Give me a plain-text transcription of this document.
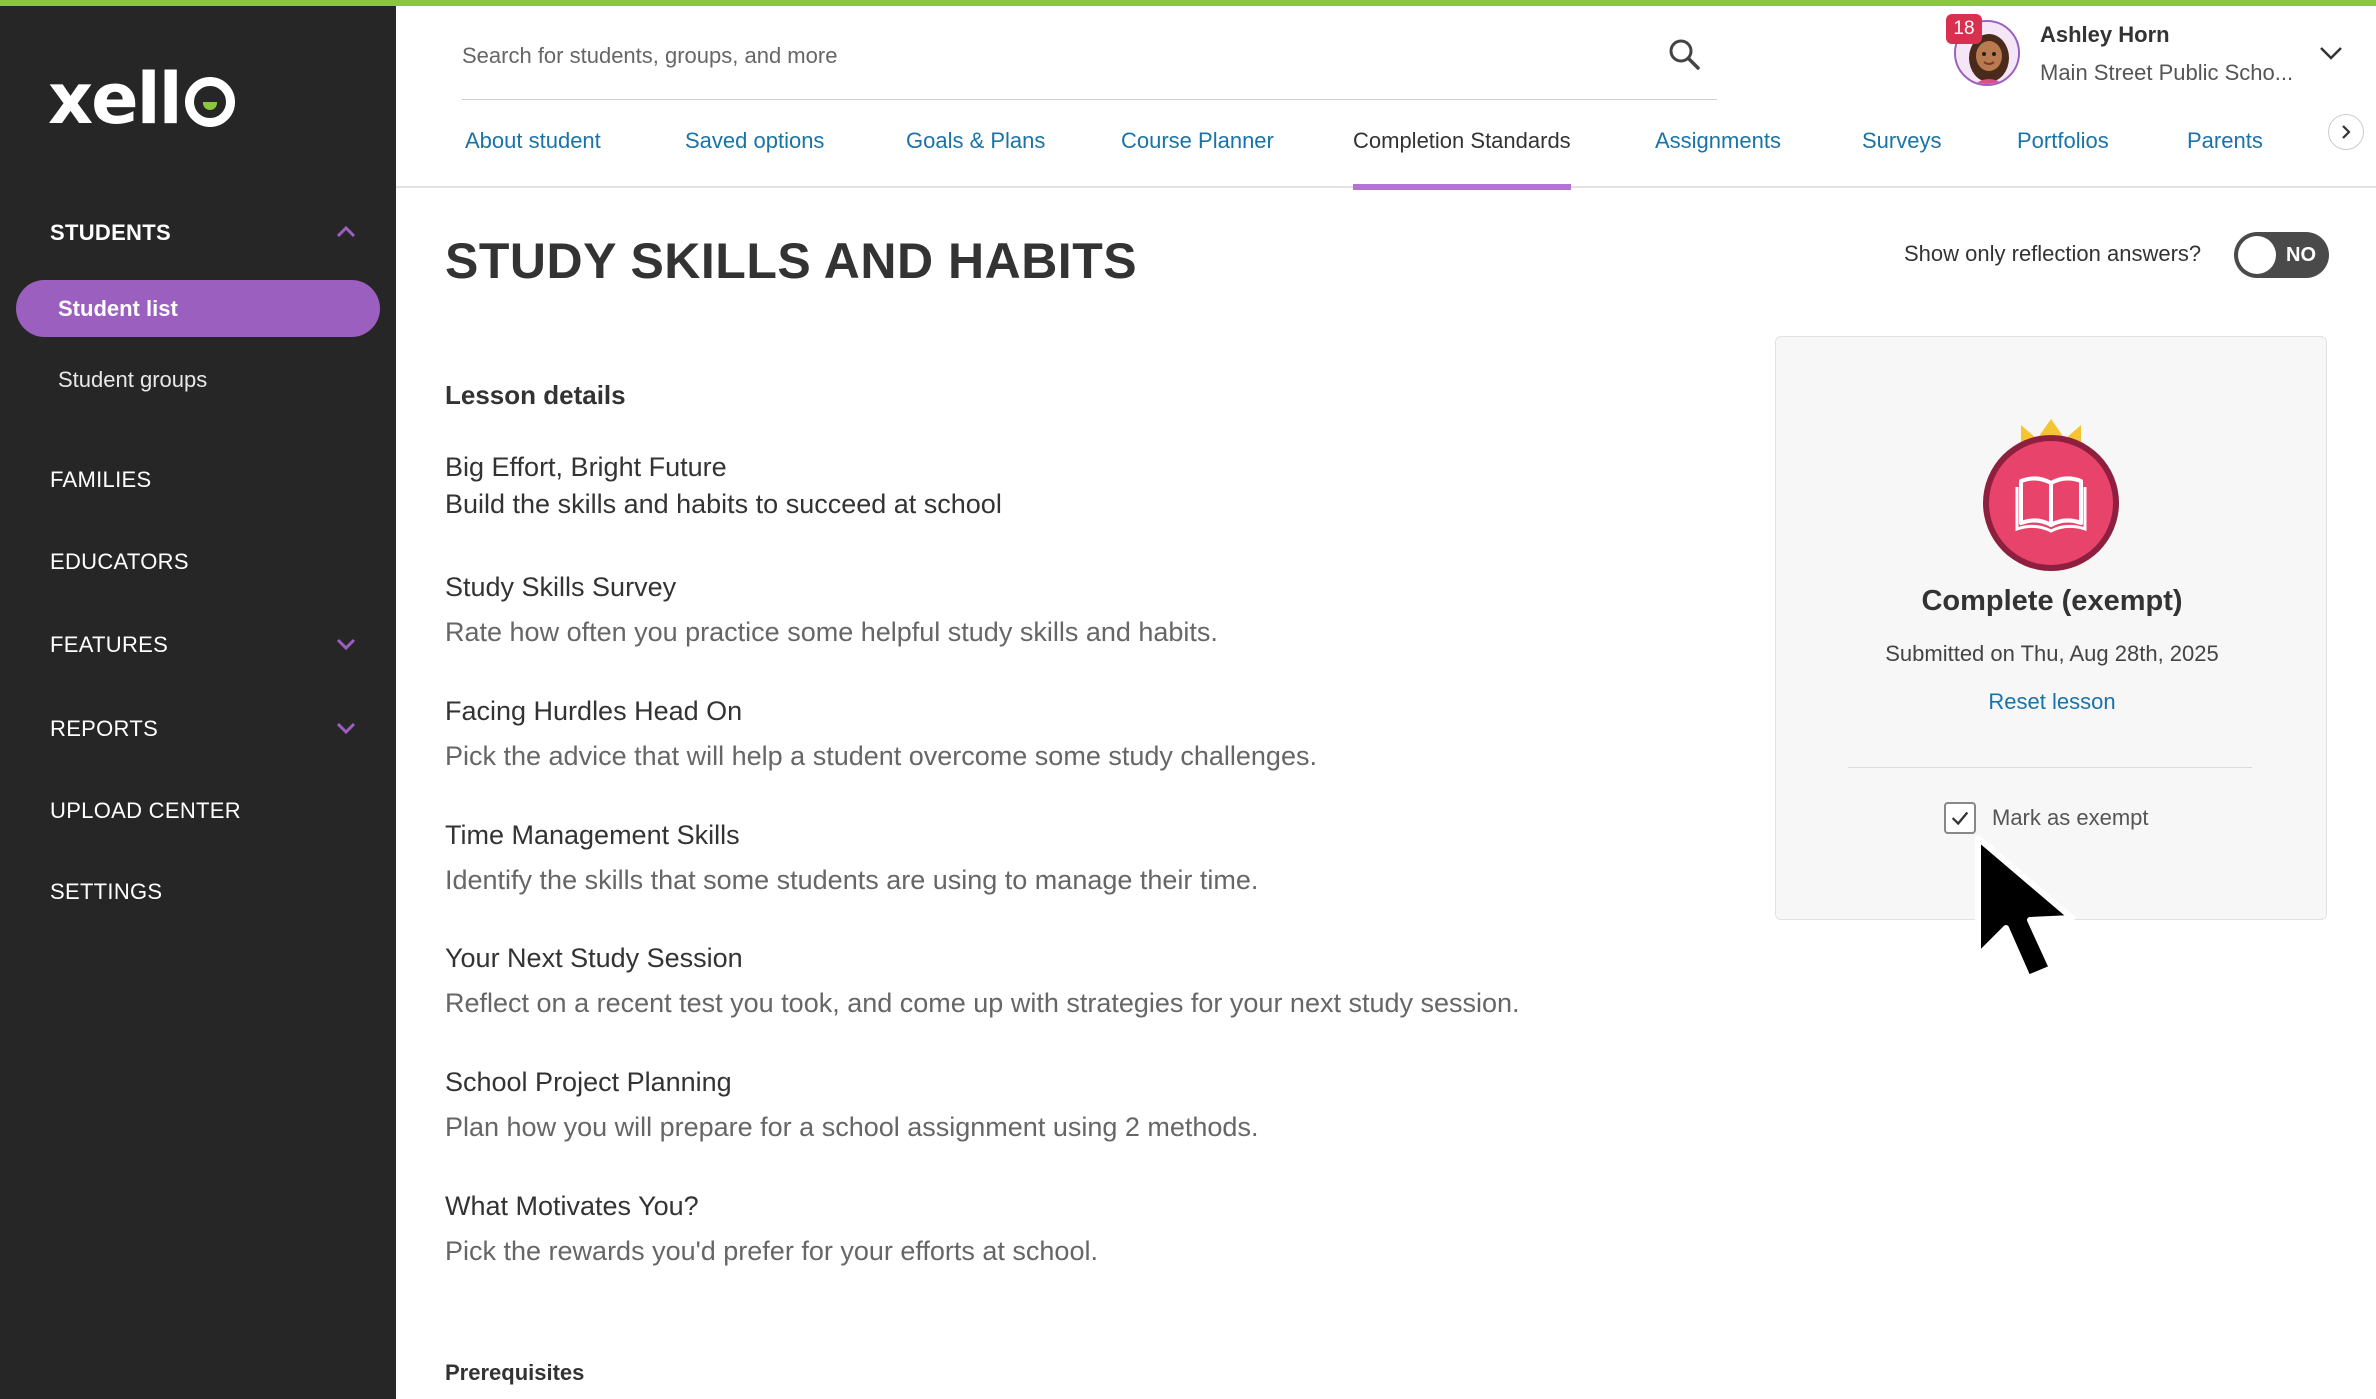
xell
STUDENTS
Student list
Student groups
FAMILIES
EDUCATORS
FEATURES
REPORTS
UPLOAD CENTER
SETTINGS
Search for students, groups, and more
18	Ashley Horn
Main Street Public Scho...
About student	Saved options	Goals & Plans	Course Planner	Completion Standards	Assignments	Surveys	Portfolios	Parents
STUDY SKILLS AND HABITS	Show only reflection answers?	NO
Lesson details
Big Effort, Bright Future
Build the skills and habits to succeed at school
Study Skills Survey
Rate how often you practice some helpful study skills and habits.
Facing Hurdles Head On
Pick the advice that will help a student overcome some study challenges.
Time Management Skills
Identify the skills that some students are using to manage their time.
Your Next Study Session
Reflect on a recent test you took, and come up with strategies for your next study session.
School Project Planning
Plan how you will prepare for a school assignment using 2 methods.
What Motivates You?
Pick the rewards you'd prefer for your efforts at school.
Prerequisites
Complete (exempt)
Submitted on Thu, Aug 28th, 2025
Reset lesson
Mark as exempt
